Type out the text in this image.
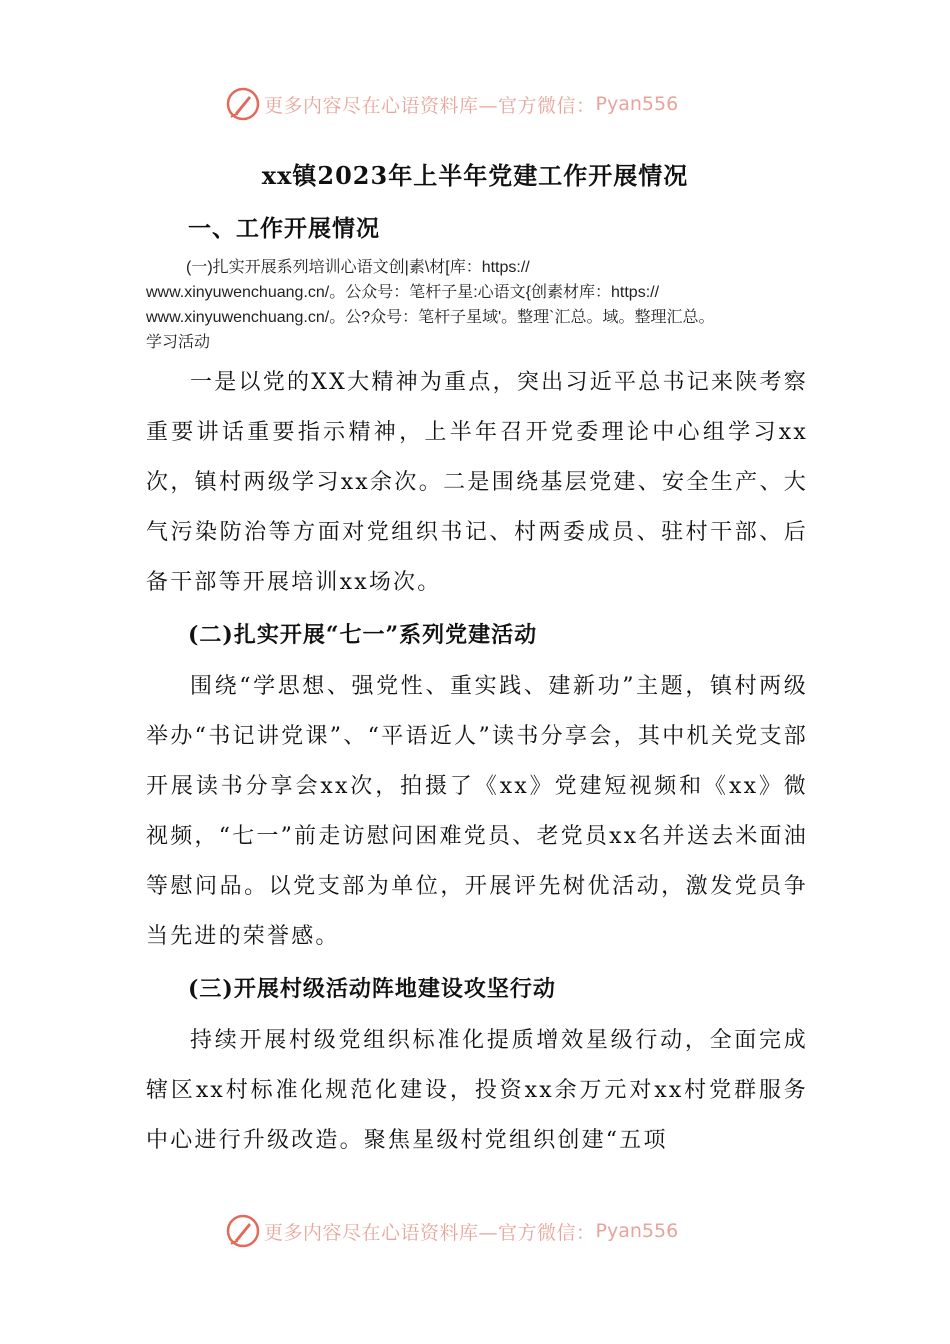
更多内容尽在心语资料库—官方微信： Pyan556
xx镇2023年上半年党建工作开展情况
一、工作开展情况
(一)扎实开展系列培训心语文创|素\材[库：https://
www.xinyuwenchuang.cn/。公众号：笔杆子星:心语文{创素材库：https://
www.xinyuwenchuang.cn/。公?众号：笔杆子星域'。整理`汇总。域。整理汇总。
学习活动
一是以党的XX大精神为重点，突出习近平总书记来陕考察重要讲话重要指示精神，上半年召开党委理论中心组学习xx次，镇村两级学习xx余次。二是围绕基层党建、安全生产、大气污染防治等方面对党组织书记、村两委成员、驻村干部、后备干部等开展培训xx场次。
(二)扎实开展“七一”系列党建活动
围绕“学思想、强党性、重实践、建新功”主题，镇村两级举办“书记讲党课”、“平语近人”读书分享会，其中机关党支部开展读书分享会xx次，拍摄了《xx》党建短视频和《xx》微视频，“七一”前走访慰问困难党员、老党员xx名并送去米面油等慰问品。以党支部为单位，开展评先树优活动，激发党员争当先进的荣誉感。
(三)开展村级活动阵地建设攻坚行动
持续开展村级党组织标准化提质增效星级行动，全面完成辖区xx村标准化规范化建设，投资xx余万元对xx村党群服务中心进行升级改造。聚焦星级村党组织创建“五项
更多内容尽在心语资料库—官方微信： Pyan556
